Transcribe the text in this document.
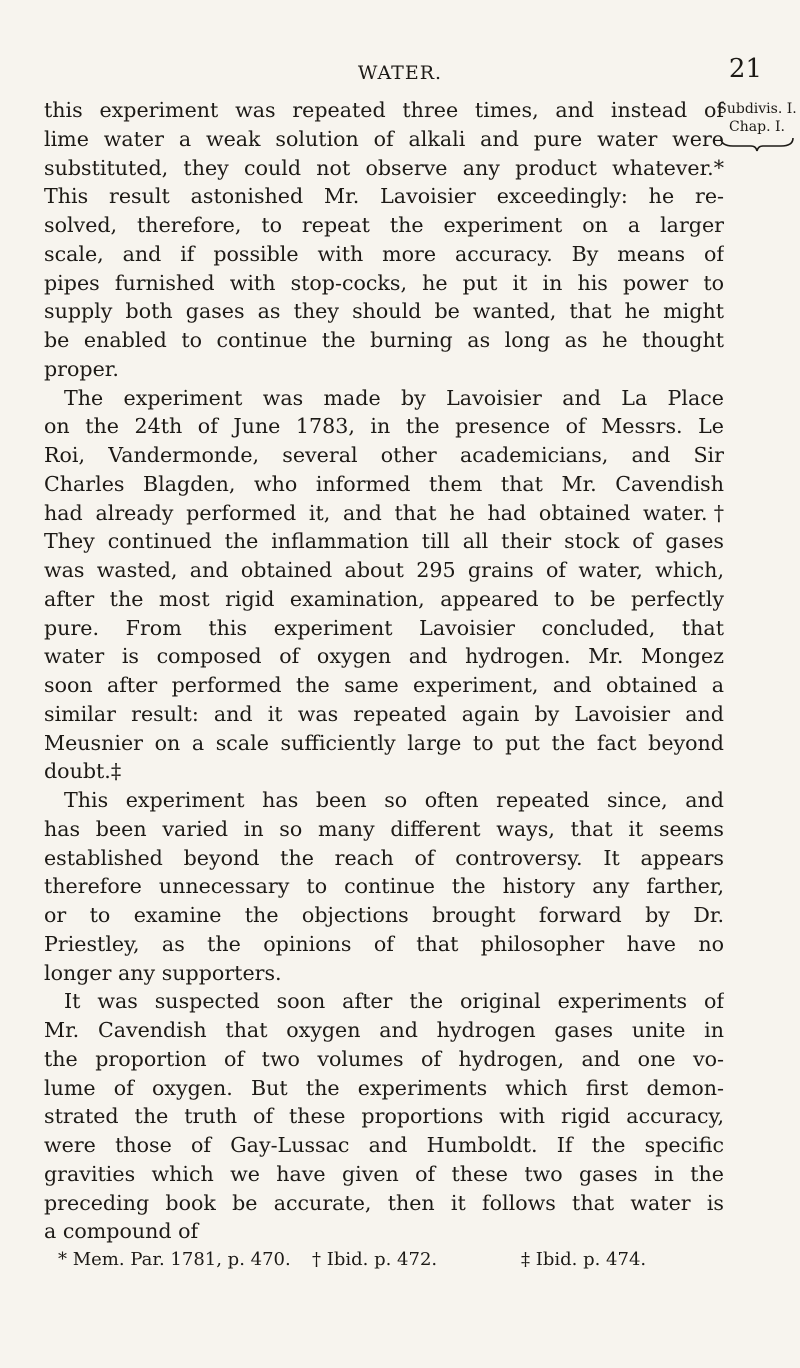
WATER.	21
Subdivis. I.
Chap. I.
this experiment was repeated three times, and instead of
lime water a weak solution of alkali and pure water were
substituted, they could not observe any product whatever.*
This result astonished Mr. Lavoisier exceedingly: he re-
solved, therefore, to repeat the experiment on a larger
scale, and if possible with more accuracy. By means of
pipes furnished with stop-cocks, he put it in his power to
supply both gases as they should be wanted, that he might
be enabled to continue the burning as long as he thought
proper.
The experiment was made by Lavoisier and La Place
on the 24th of June 1783, in the presence of Messrs. Le
Roi, Vandermonde, several other academicians, and Sir
Charles Blagden, who informed them that Mr. Cavendish
had already performed it, and that he had obtained water.†
They continued the inflammation till all their stock of gases
was wasted, and obtained about 295 grains of water, which,
after the most rigid examination, appeared to be perfectly
pure. From this experiment Lavoisier concluded, that
water is composed of oxygen and hydrogen. Mr. Mongez
soon after performed the same experiment, and obtained a
similar result: and it was repeated again by Lavoisier and
Meusnier on a scale sufficiently large to put the fact beyond
doubt.‡
This experiment has been so often repeated since, and
has been varied in so many different ways, that it seems
established beyond the reach of controversy. It appears
therefore unnecessary to continue the history any farther,
or to examine the objections brought forward by Dr.
Priestley, as the opinions of that philosopher have no
longer any supporters.
It was suspected soon after the original experiments of
Mr. Cavendish that oxygen and hydrogen gases unite in
the proportion of two volumes of hydrogen, and one vo-
lume of oxygen. But the experiments which first demon-
strated the truth of these proportions with rigid accuracy,
were those of Gay-Lussac and Humboldt. If the specific
gravities which we have given of these two gases in the
preceding book be accurate, then it follows that water is
a compound of
* Mem. Par. 1781, p. 470. † Ibid. p. 472.	‡ Ibid. p. 474.
